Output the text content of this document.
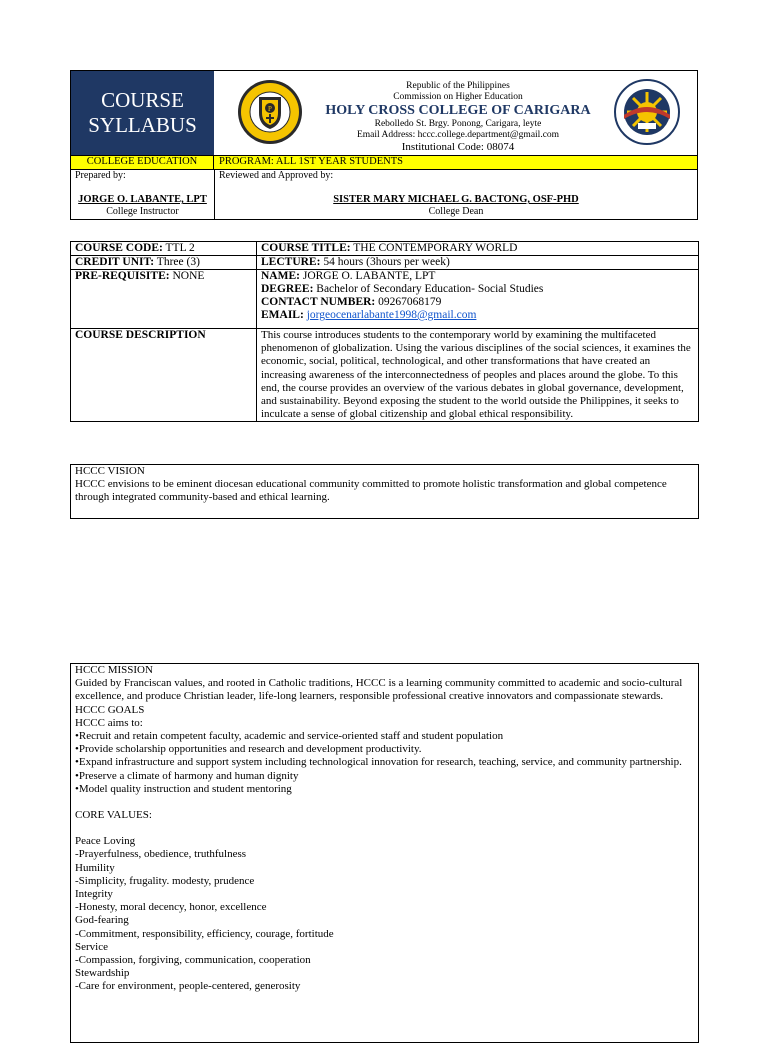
COURSE
SYLLABUS
P
Republic of the Philippines
Commission on Higher Education
HOLY CROSS COLLEGE OF CARIGARA
Rebolledo St. Brgy. Ponong, Carigara, leyte
Email Address: hccc.college.department@gmail.com
Institutional Code: 08074
COLLEGE EDUCATION	PROGRAM: ALL 1ST YEAR STUDENTS
Prepared by:
JORGE O. LABANTE, LPT
College Instructor
Reviewed and Approved by:
SISTER MARY MICHAEL G. BACTONG, OSF-PHD
College Dean
COURSE CODE: TTL 2	COURSE TITLE: THE CONTEMPORARY WORLD
CREDIT UNIT: Three (3)	LECTURE: 54 hours (3hours per week)
PRE-REQUISITE: NONE	NAME: JORGE O. LABANTE, LPT
DEGREE: Bachelor of Secondary Education- Social Studies
CONTACT NUMBER: 09267068179
EMAIL: jorgeocenarlabante1998@gmail.com

COURSE DESCRIPTION	This course introduces students to the contemporary world by examining the multifaceted phenomenon of globalization. Using the various disciplines of the social sciences, it examines the economic, social, political, technological, and other transformations that have created an increasing awareness of the interconnectedness of peoples and places around the globe. To this end, the course provides an overview of the various debates in global governance, development, and sustainability. Beyond exposing the student to the world outside the Philippines, it seeks to inculcate a sense of global citizenship and global ethical responsibility.
HCCC VISION
HCCC envisions to be eminent diocesan educational community committed to promote holistic transformation and global competence through integrated community-based and ethical learning.

HCCC MISSION

Guided by Franciscan values, and rooted in Catholic traditions, HCCC is a learning community committed to academic and socio-cultural excellence, and produce Christian leader, life-long learners, responsible professional creative innovators and compassionate stewards.

HCCC GOALS

HCCC aims to:

•Recruit and retain competent faculty, academic and service-oriented staff and student population

•Provide scholarship opportunities and research and development productivity.

•Expand infrastructure and support system including technological innovation for research, teaching, service, and community partnership.

•Preserve a climate of harmony and human dignity

•Model quality instruction and student mentoring

CORE VALUES:

Peace Loving

-Prayerfulness, obedience, truthfulness

Humility

-Simplicity, frugality. modesty, prudence

Integrity

-Honesty, moral decency, honor, excellence

God-fearing

-Commitment, responsibility, efficiency, courage, fortitude

Service

-Compassion, forgiving, communication, cooperation

Stewardship

-Care for environment, people-centered, generosity
